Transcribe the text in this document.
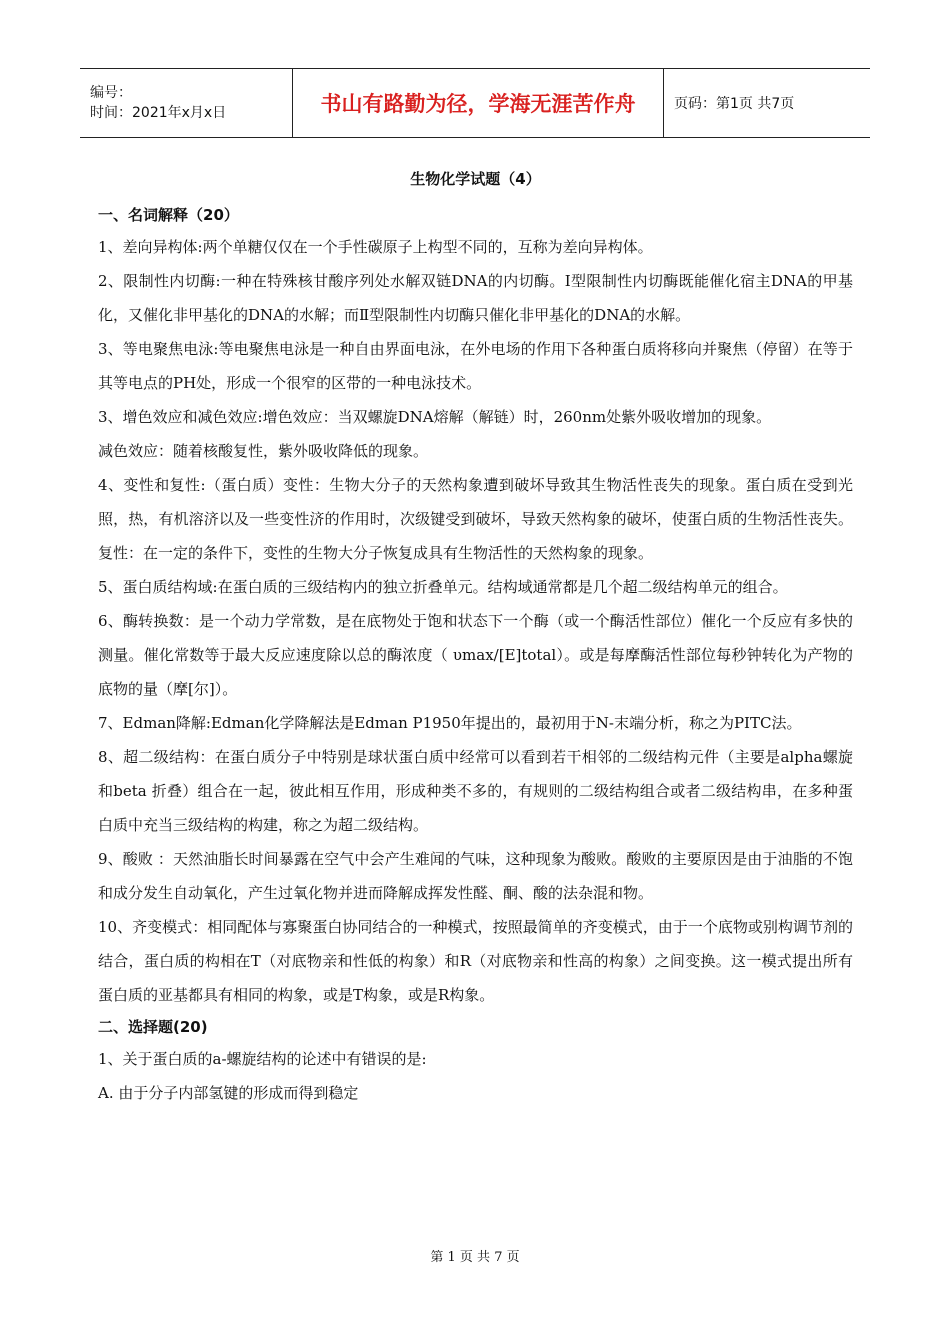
编号：
时间：2021年x月x日	书山有路勤为径，学海无涯苦作舟	页码：第1页 共7页

生物化学试题（4）

一、名词解释（20）

1、差向异构体:两个单糖仅仅在一个手性碳原子上构型不同的，互称为差向异构体。

2、限制性内切酶:一种在特殊核甘酸序列处水解双链DNA的内切酶。Ⅰ型限制性内切酶既能催化宿主DNA的甲基化，又催化非甲基化的DNA的水解；而Ⅱ型限制性内切酶只催化非甲基化的DNA的水解。

3、等电聚焦电泳:等电聚焦电泳是一种自由界面电泳，在外电场的作用下各种蛋白质将移向并聚焦（停留）在等于其等电点的PH处，形成一个很窄的区带的一种电泳技术。

3、增色效应和减色效应:增色效应：当双螺旋DNA熔解（解链）时，260nm处紫外吸收增加的现象。

减色效应：随着核酸复性，紫外吸收降低的现象。

4、变性和复性:（蛋白质）变性：生物大分子的天然构象遭到破坏导致其生物活性丧失的现象。蛋白质在受到光照，热，有机溶济以及一些变性济的作用时，次级键受到破坏，导致天然构象的破坏，使蛋白质的生物活性丧失。复性：在一定的条件下，变性的生物大分子恢复成具有生物活性的天然构象的现象。

5、蛋白质结构域:在蛋白质的三级结构内的独立折叠单元。结构域通常都是几个超二级结构单元的组合。

6、酶转换数：是一个动力学常数，是在底物处于饱和状态下一个酶（或一个酶活性部位）催化一个反应有多快的测量。催化常数等于最大反应速度除以总的酶浓度（ υmax/[E]total）。或是每摩酶活性部位每秒钟转化为产物的底物的量（摩[尔]）。

7、Edman降解:Edman化学降解法是Edman P1950年提出的，最初用于N-末端分析，称之为PITC法。

8、超二级结构：在蛋白质分子中特别是球状蛋白质中经常可以看到若干相邻的二级结构元件（主要是alpha螺旋 和beta 折叠）组合在一起，彼此相互作用，形成种类不多的，有规则的二级结构组合或者二级结构串，在多种蛋白质中充当三级结构的构建，称之为超二级结构。

9、酸败 ：天然油脂长时间暴露在空气中会产生难闻的气味，这种现象为酸败。酸败的主要原因是由于油脂的不饱和成分发生自动氧化，产生过氧化物并进而降解成挥发性醛、酮、酸的法杂混和物。

10、齐变模式：相同配体与寡聚蛋白协同结合的一种模式，按照最简单的齐变模式，由于一个底物或别构调节剂的结合，蛋白质的构相在T（对底物亲和性低的构象）和R（对底物亲和性高的构象）之间变换。这一模式提出所有蛋白质的亚基都具有相同的构象，或是T构象，或是R构象。

二、选择题(20)

1、关于蛋白质的a-螺旋结构的论述中有错误的是:

A. 由于分子内部氢键的形成而得到稳定

第 1 页 共 7 页
